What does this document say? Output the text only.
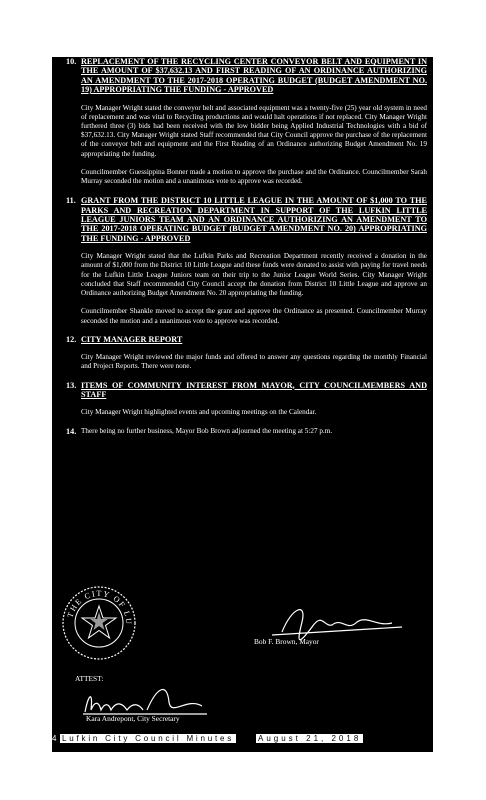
10. REPLACEMENT OF THE RECYCLING CENTER CONVEYOR BELT AND EQUIPMENT IN THE AMOUNT OF $37,632.13 AND FIRST READING OF AN ORDINANCE AUTHORIZING AN AMENDMENT TO THE 2017-2018 OPERATING BUDGET (BUDGET AMENDMENT NO. 19) APPROPRIATING THE FUNDING - APPROVED
City Manager Wright stated the conveyor belt and associated equipment was a twenty-five (25) year old system in need of replacement and was vital to Recycling productions and would halt operations if not replaced. City Manager Wright furthered three (3) bids had been received with the low bidder being Applied Industrial Technologies with a bid of $37,632.13. City Manager Wright stated Staff recommended that City Council approve the purchase of the replacement of the conveyor belt and equipment and the First Reading of an Ordinance authorizing Budget Amendment No. 19 appropriating the funding.
Councilmember Guessippina Bonner made a motion to approve the purchase and the Ordinance. Councilmember Sarah Murray seconded the motion and a unanimous vote to approve was recorded.
11. GRANT FROM THE DISTRICT 10 LITTLE LEAGUE IN THE AMOUNT OF $1,000 TO THE PARKS AND RECREATION DEPARTMENT IN SUPPORT OF THE LUFKIN LITTLE LEAGUE JUNIORS TEAM AND AN ORDINANCE AUTHORIZING AN AMENDMENT TO THE 2017-2018 OPERATING BUDGET (BUDGET AMENDMENT NO. 20) APPROPRIATING THE FUNDING - APPROVED
City Manager Wright stated that the Lufkin Parks and Recreation Department recently received a donation in the amount of $1,000 from the District 10 Little League and these funds were donated to assist with paying for travel needs for the Lufkin Little League Juniors team on their trip to the Junior League World Series. City Manager Wright concluded that Staff recommended City Council accept the donation from District 10 Little League and approve an Ordinance authorizing Budget Amendment No. 20 appropriating the funding.
Councilmember Shankle moved to accept the grant and approve the Ordinance as presented. Councilmember Murray seconded the motion and a unanimous vote to approve was recorded.
12. CITY MANAGER REPORT
City Manager Wright reviewed the major funds and offered to answer any questions regarding the monthly Financial and Project Reports. There were none.
13. ITEMS OF COMMUNITY INTEREST FROM MAYOR, CITY COUNCILMEMBERS AND STAFF
City Manager Wright highlighted events and upcoming meetings on the Calendar.
14. There being no further business, Mayor Bob Brown adjourned the meeting at 5:27 p.m.
THE CITY OF LU
Bob F. Brown, Mayor
ATTEST:
Kara Andrepont, City Secretary
4 Lufkin City Council Minutes	August 21, 2018
